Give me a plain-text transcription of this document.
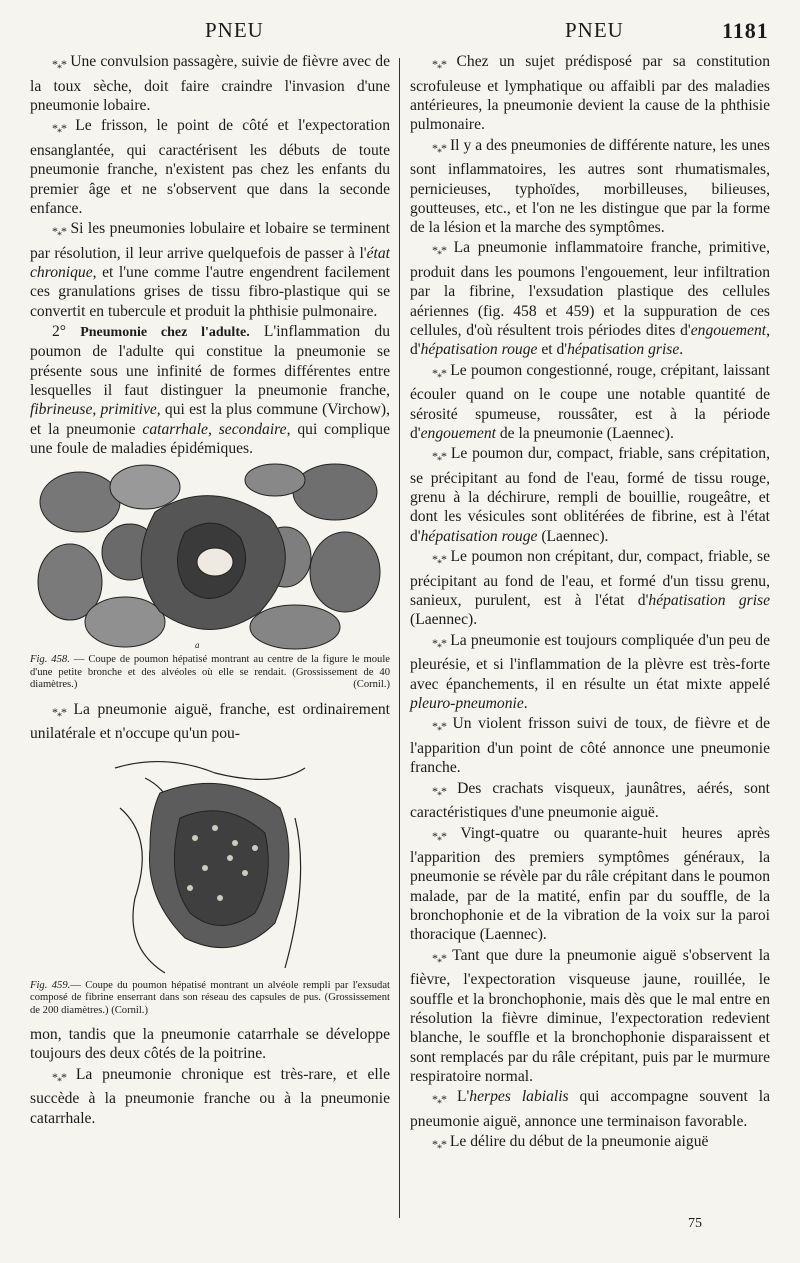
PNEU	PNEU	1181

$*_**$ Une convulsion passagère, suivie de fièvre avec de la toux sèche, doit faire craindre l'invasion d'une pneumonie lobaire.

$*_**$ Le frisson, le point de côté et l'expectoration ensanglantée, qui caractérisent les débuts de toute pneumonie franche, n'existent pas chez les enfants du premier âge et ne s'observent que dans la seconde enfance.

$*_**$ Si les pneumonies lobulaire et lobaire se terminent par résolution, il leur arrive quelquefois de passer à l'état chronique, et l'une comme l'autre engendrent facilement ces granulations grises de tissu fibro-plastique qui se convertit en tubercule et produit la phthisie pulmonaire.

2° Pneumonie chez l'adulte. L'inflammation du poumon de l'adulte qui constitue la pneumonie se présente sous une infinité de formes différentes entre lesquelles il faut distinguer la pneumonie franche, fibrineuse, primitive, qui est la plus commune (Virchow), et la pneumonie catarrhale, secondaire, qui complique une foule de maladies épidémiques.

a

Fig. 458. — Coupe de poumon hépatisé montrant au centre de la figure le moule d'une petite bronche et des alvéoles où elle se rendait. (Grossissement de 40 diamètres.)	(Cornil.)

$*_**$ La pneumonie aiguë, franche, est ordinairement unilatérale et n'occupe qu'un pou-

Fig. 459.— Coupe du poumon hépatisé montrant un alvéole rempli par l'exsudat composé de fibrine enserrant dans son réseau des capsules de pus. (Grossissement de 200 diamètres.) (Cornil.)

mon, tandis que la pneumonie catarrhale se développe toujours des deux côtés de la poitrine.

$*_**$ La pneumonie chronique est très-rare, et elle succède à la pneumonie franche ou à la pneumonie catarrhale.

$*_**$ Chez un sujet prédisposé par sa constitution scrofuleuse et lymphatique ou affaibli par des maladies antérieures, la pneumonie devient la cause de la phthisie pulmonaire.

$*_**$ Il y a des pneumonies de différente nature, les unes sont inflammatoires, les autres sont rhumatismales, pernicieuses, typhoïdes, morbilleuses, bilieuses, goutteuses, etc., et l'on ne les distingue que par la forme de la lésion et la marche des symptômes.

$*_**$ La pneumonie inflammatoire franche, primitive, produit dans les poumons l'engouement, leur infiltration par la fibrine, l'exsudation plastique des cellules aériennes (fig. 458 et 459) et la suppuration de ces cellules, d'où résultent trois périodes dites d'engouement, d'hépatisation rouge et d'hépatisation grise.

$*_**$ Le poumon congestionné, rouge, crépitant, laissant écouler quand on le coupe une notable quantité de sérosité spumeuse, roussâter, est à la période d'engouement de la pneumonie (Laennec).

$*_**$ Le poumon dur, compact, friable, sans crépitation, se précipitant au fond de l'eau, formé de tissu rouge, grenu à la déchirure, rempli de bouillie, rougeâtre, et dont les vésicules sont oblitérées de fibrine, est à l'état d'hépatisation rouge (Laennec).

$*_**$ Le poumon non crépitant, dur, compact, friable, se précipitant au fond de l'eau, et formé d'un tissu grenu, sanieux, purulent, est à l'état d'hépatisation grise (Laennec).

$*_**$ La pneumonie est toujours compliquée d'un peu de pleurésie, et si l'inflammation de la plèvre est très-forte avec épanchements, il en résulte un état mixte appelé pleuro-pneumonie.

$*_**$ Un violent frisson suivi de toux, de fièvre et de l'apparition d'un point de côté annonce une pneumonie franche.

$*_**$ Des crachats visqueux, jaunâtres, aérés, sont caractéristiques d'une pneumonie aiguë.

$*_**$ Vingt-quatre ou quarante-huit heures après l'apparition des premiers symptômes généraux, la pneumonie se révèle par du râle crépitant dans le poumon malade, par de la matité, enfin par du souffle, de la bronchophonie et de la vibration de la voix sur la paroi thoracique (Laennec).

$*_**$ Tant que dure la pneumonie aiguë s'observent la fièvre, l'expectoration visqueuse jaune, rouillée, le souffle et la bronchophonie, mais dès que le mal entre en résolution la fièvre diminue, l'expectoration redevient blanche, le souffle et la bronchophonie disparaissent et sont remplacés par du râle crépitant, puis par le murmure respiratoire normal.

$*_**$ L'herpes labialis qui accompagne souvent la pneumonie aiguë, annonce une terminaison favorable.

$*_**$ Le délire du début de la pneumonie aiguë

75
